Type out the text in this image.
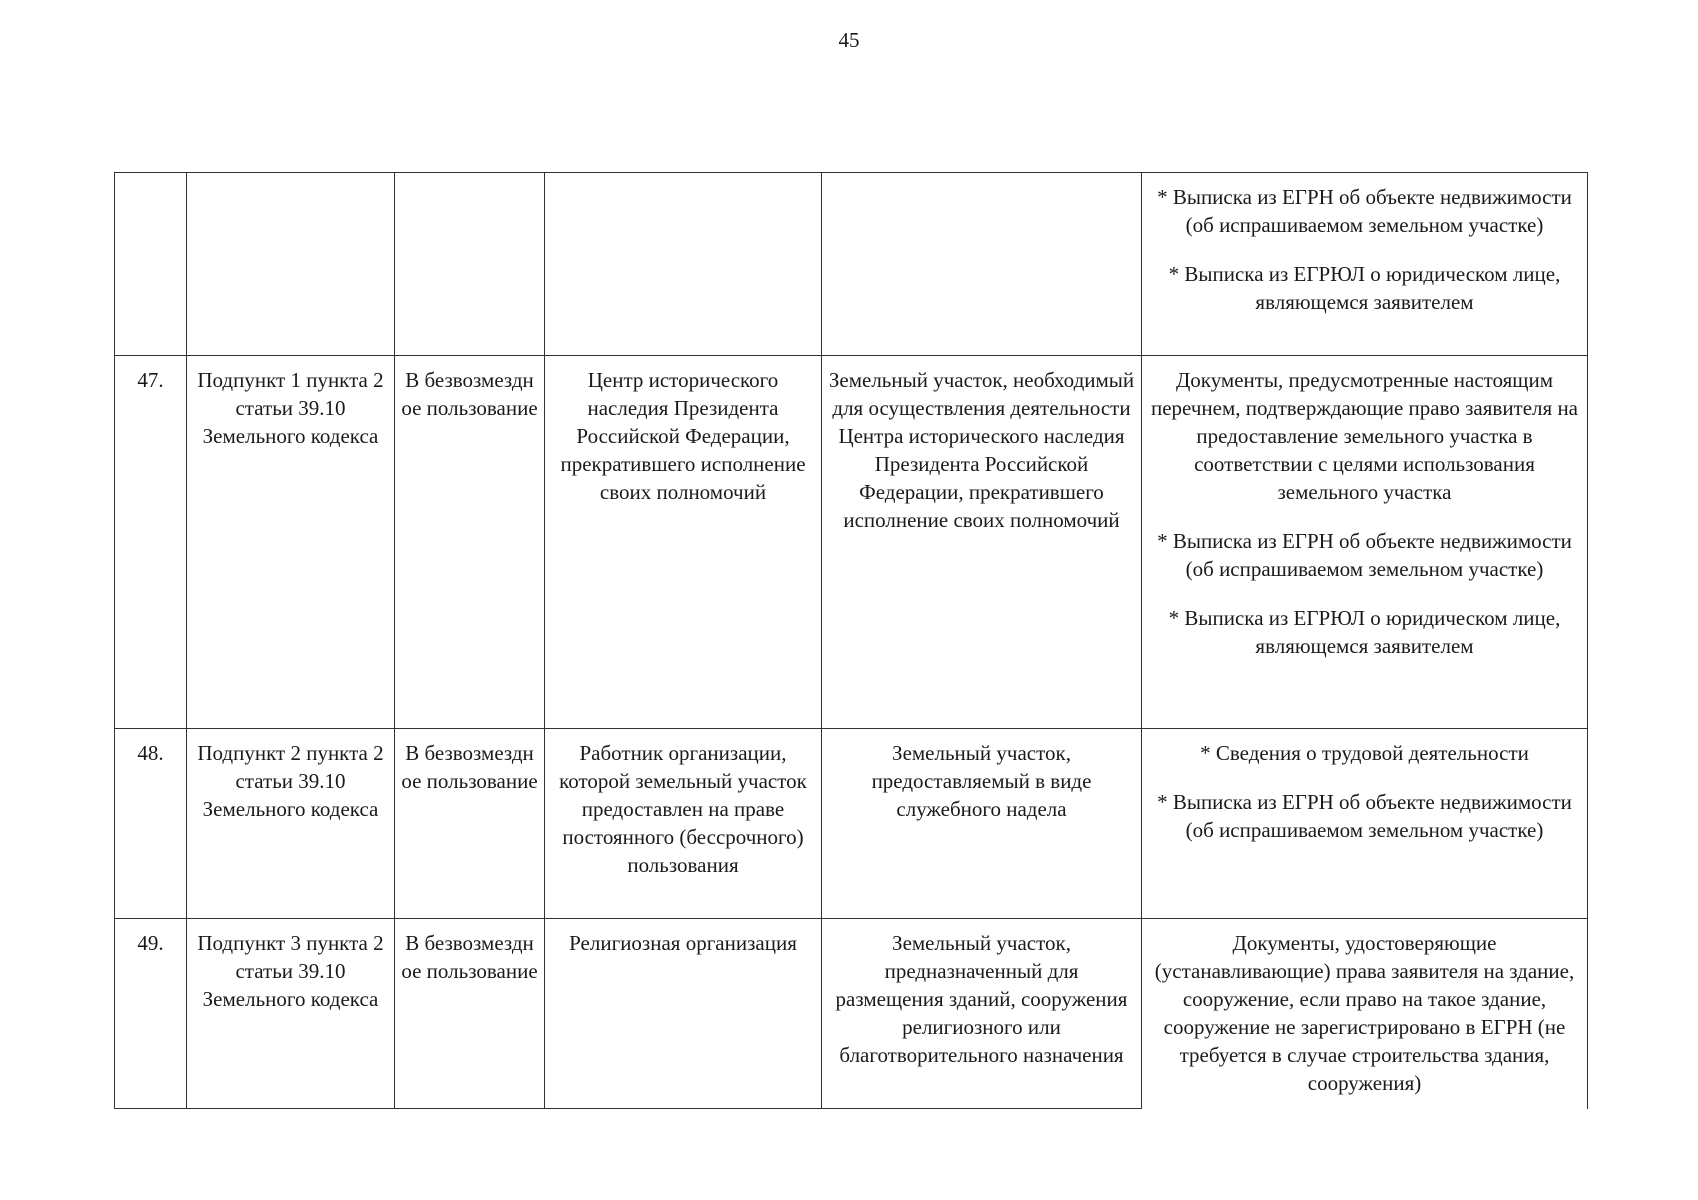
45

					* Выписка из ЕГРН об объекте недвижимости (об испрашиваемом земельном участке)

* Выписка из ЕГРЮЛ о юридическом лице, являющемся заявителем

47.	Подпункт 1 пункта 2 статьи 39.10 Земельного кодекса	В безвозмездн ое пользование	Центр исторического наследия Президента Российской Федерации, прекратившего исполнение своих полномочий	Земельный участок, необходимый для осуществления деятельности Центра исторического наследия Президента Российской Федерации, прекратившего исполнение своих полномочий	Документы, предусмотренные настоящим перечнем, подтверждающие право заявителя на предоставление земельного участка в соответствии с целями использования земельного участка

* Выписка из ЕГРН об объекте недвижимости (об испрашиваемом земельном участке)

* Выписка из ЕГРЮЛ о юридическом лице, являющемся заявителем

48.	Подпункт 2 пункта 2 статьи 39.10 Земельного кодекса	В безвозмездн ое пользование	Работник организации, которой земельный участок предоставлен на праве постоянного (бессрочного) пользования	Земельный участок, предоставляемый в виде служебного надела	* Сведения о трудовой деятельности

* Выписка из ЕГРН об объекте недвижимости (об испрашиваемом земельном участке)

49.	Подпункт 3 пункта 2 статьи 39.10 Земельного кодекса	В безвозмездн ое пользование	Религиозная организация	Земельный участок, предназначенный для размещения зданий, сооружения религиозного или благотворительного назначения	Документы, удостоверяющие (устанавливающие) права заявителя на здание, сооружение, если право на такое здание, сооружение не зарегистрировано в ЕГРН (не требуется в случае строительства здания, сооружения)
